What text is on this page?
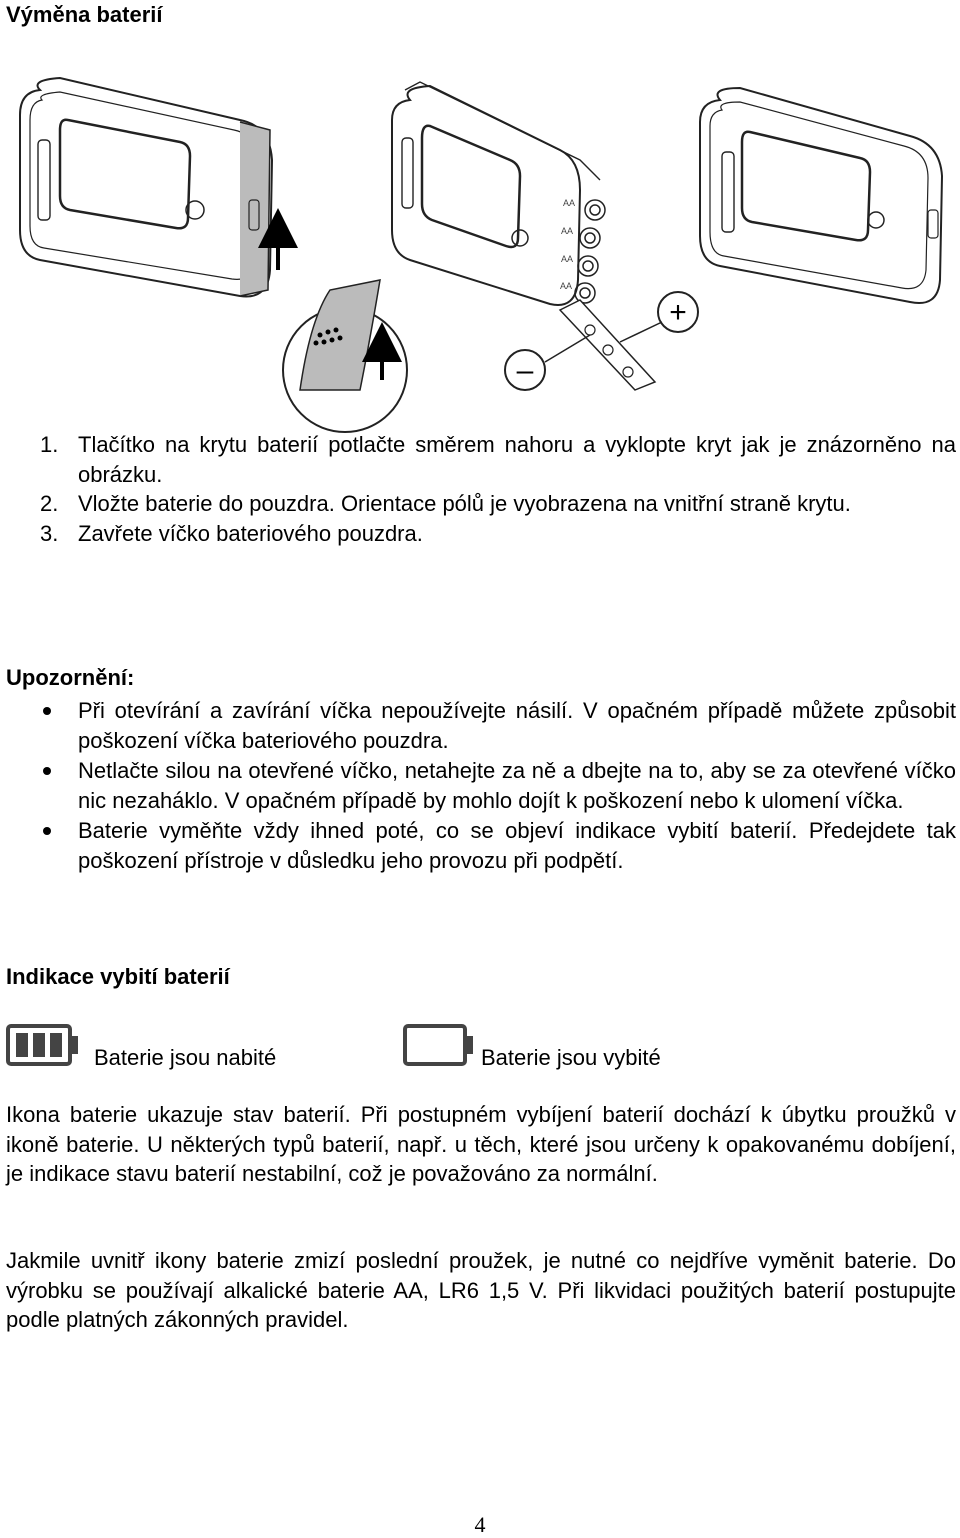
Výměna baterií
AA
AA
AA
AA
+
–
1. Tlačítko na krytu baterií potlačte směrem nahoru a vyklopte kryt jak je znázorněno na obrázku.
2. Vložte baterie do pouzdra. Orientace pólů je vyobrazena na vnitřní straně krytu.
3. Zavřete víčko bateriového pouzdra.
Upozornění:
Při otevírání a zavírání víčka nepoužívejte násilí. V opačném případě můžete způsobit poškození víčka bateriového pouzdra.
Netlačte silou na otevřené víčko, netahejte za ně a dbejte na to, aby se za otevřené víčko nic nezaháklo. V opačném případě by mohlo dojít k poškození nebo k ulomení víčka.
Baterie vyměňte vždy ihned poté, co se objeví indikace vybití baterií. Předejdete tak poškození přístroje v důsledku jeho provozu při podpětí.
Indikace vybití baterií
Baterie jsou nabité	Baterie jsou vybité
Ikona baterie ukazuje stav baterií. Při postupném vybíjení baterií dochází k úbytku proužků v ikoně baterie. U některých typů baterií, např. u těch, které jsou určeny k opakovanému dobíjení, je indikace stavu baterií nestabilní, což je považováno za normální.
Jakmile uvnitř ikony baterie zmizí poslední proužek, je nutné co nejdříve vyměnit baterie. Do výrobku se používají alkalické baterie AA, LR6 1,5 V. Při likvidaci použitých baterií postupujte podle platných zákonných pravidel.
4
